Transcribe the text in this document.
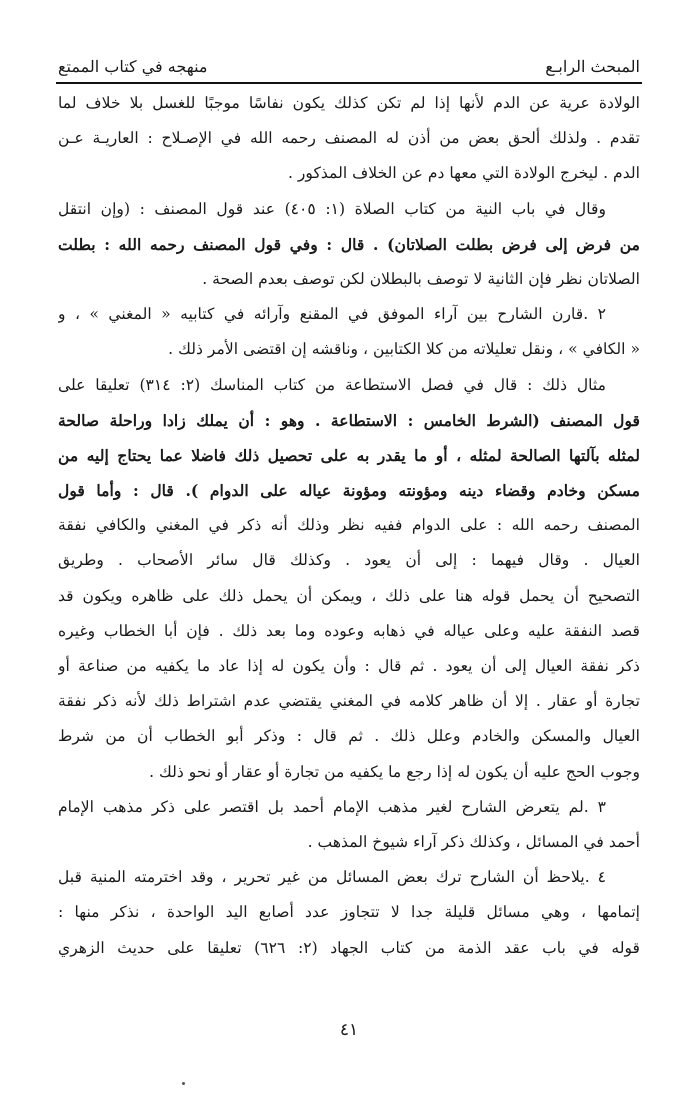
المبحث الرابـع
منهجه في كتاب الممتع
الولادة عرية عن الدم لأنها إذا لم تكن كذلك يكون نفاسًا موجبًا للغسل بلا خلاف لما
تقدم . ولذلك ألحق بعض من أذن له المصنف رحمه الله في الإصـلاح : العاريـة عـن
الدم . ليخرج الولادة التي معها دم عن الخلاف المذكور .
وقال في باب النية من كتاب الصلاة (١: ٤٠٥) عند قول المصنف : (وإن انتقل
من فرض إلى فرض بطلت الصلاتان) . قال : وفي قول المصنف رحمه الله : بطلت
الصلاتان نظر فإن الثانية لا توصف بالبطلان لكن توصف بعدم الصحة .
٢ .قارن الشارح بين آراء الموفق في المقنع وآرائه في كتابيه « المغني » ، و
« الكافي » ، ونقل تعليلاته من كلا الكتابين ، وناقشه إن اقتضى الأمر ذلك .
مثال ذلك : قال في فصل الاستطاعة من كتاب المناسك (٢: ٣١٤) تعليقا على
قول المصنف (الشرط الخامس : الاستطاعة . وهو : أن يملك زادا وراحلة صالحة
لمثله بآلتها الصالحة لمثله ، أو ما يقدر به على تحصيل ذلك فاضلا عما يحتاج إليه من
مسكن وخادم وقضاء دينه ومؤونته ومؤونة عياله على الدوام ). قال : وأما قول
المصنف رحمه الله : على الدوام ففيه نظر وذلك أنه ذكر في المغني والكافي نفقة
العيال . وقال فيهما : إلى أن يعود . وكذلك قال سائر الأصحاب . وطريق
التصحيح أن يحمل قوله هنا على ذلك ، ويمكن أن يحمل ذلك على ظاهره ويكون قد
قصد النفقة عليه وعلى عياله في ذهابه وعوده وما بعد ذلك . فإن أبا الخطاب وغيره
ذكر نفقة العيال إلى أن يعود . ثم قال : وأن يكون له إذا عاد ما يكفيه من صناعة أو
تجارة أو عقار . إلا أن ظاهر كلامه في المغني يقتضي عدم اشتراط ذلك لأنه ذكر نفقة
العيال والمسكن والخادم وعلل ذلك . ثم قال : وذكر أبو الخطاب أن من شرط
وجوب الحج عليه أن يكون له إذا رجع ما يكفيه من تجارة أو عقار أو نحو ذلك .
٣ .لم يتعرض الشارح لغير مذهب الإمام أحمد بل اقتصر على ذكر مذهب الإمام
أحمد في المسائل ، وكذلك ذكر آراء شيوخ المذهب .
٤ .يلاحظ أن الشارح ترك بعض المسائل من غير تحرير ، وقد اخترمته المنية قبل
إتمامها ، وهي مسائل قليلة جدا لا تتجاوز عدد أصابع اليد الواحدة ، نذكر منها :
قوله في باب عقد الذمة من كتاب الجهاد (٢: ٦٢٦) تعليقا على حديث الزهري
٤١
